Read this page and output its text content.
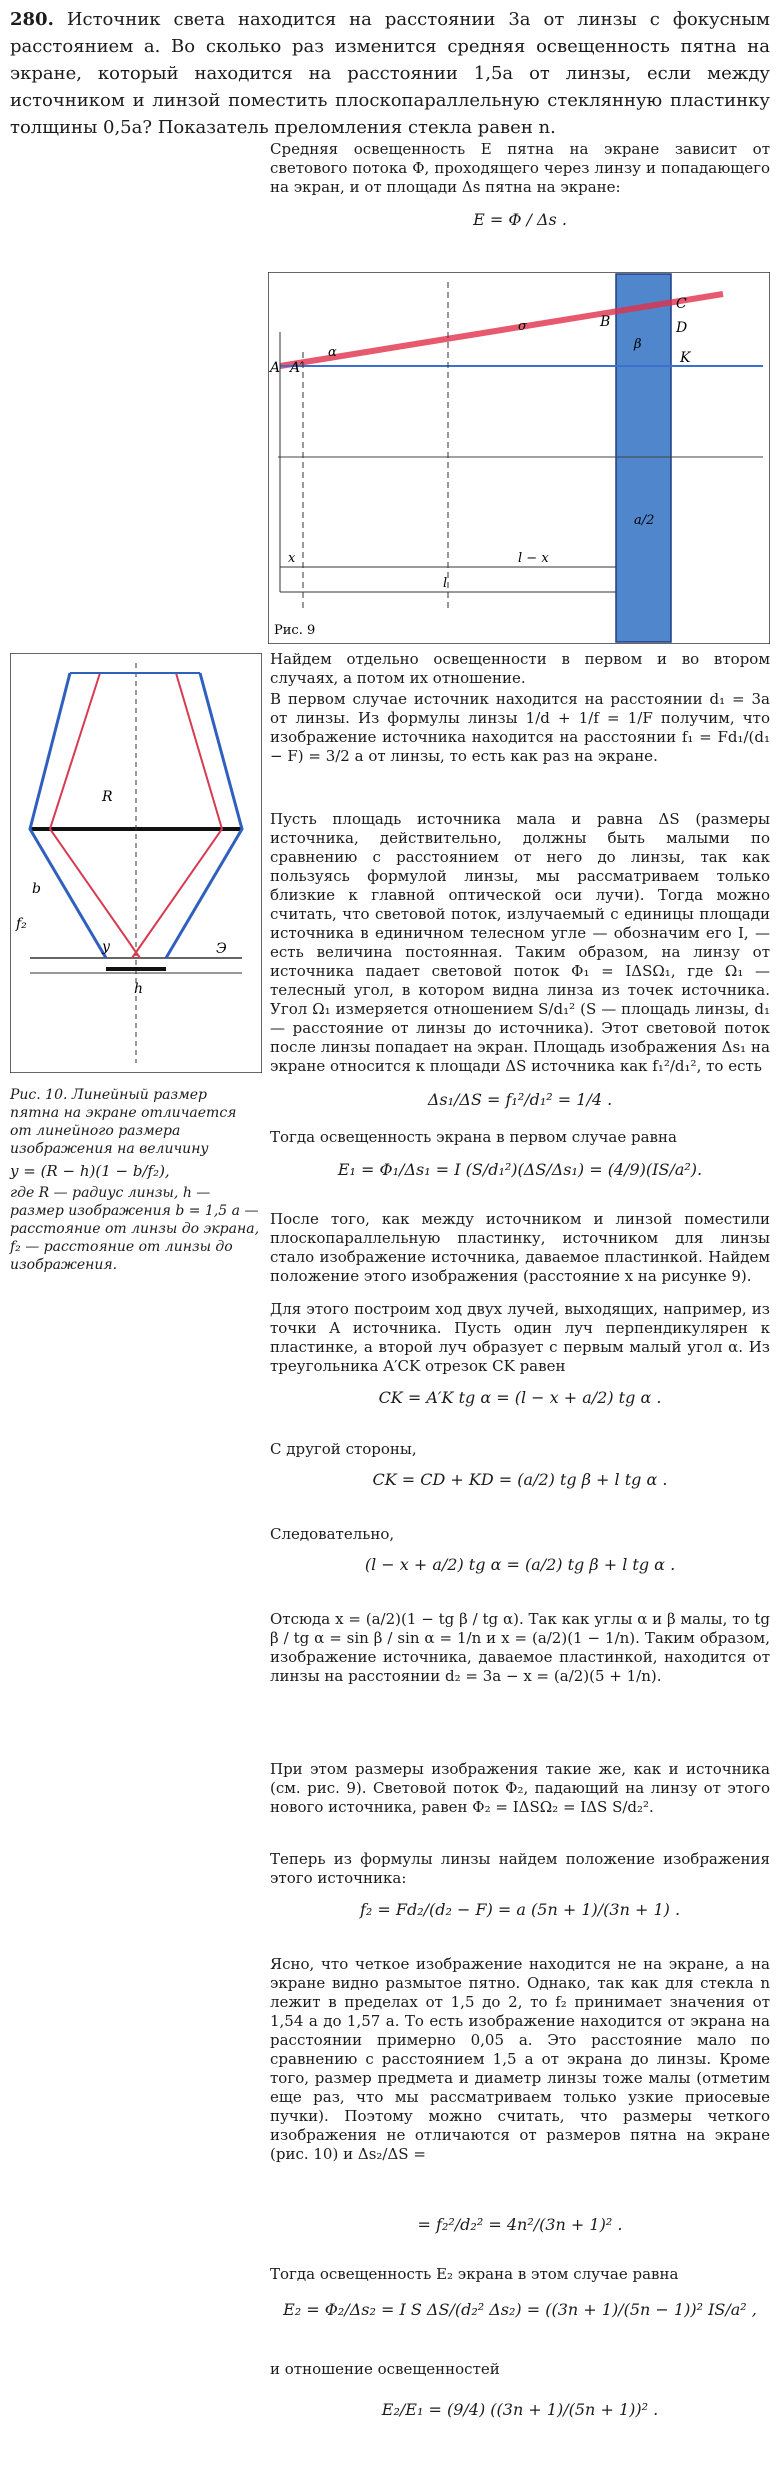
280. Источник света находится на расстоянии 3a от линзы с фокусным расстоянием a. Во сколько раз изменится средняя освещенность пятна на экране, который находится на расстоянии 1,5a от линзы, если между источником и линзой поместить плоскопараллельную стеклянную пластинку толщины 0,5a? Показатель преломления стекла равен n.
Средняя освещенность E пятна на экране зависит от светового потока Φ, проходящего через линзу и попадающего на экран, и от площади Δs пятна на экране:
E = Φ / Δs .
A A′
α
σ	B
C
D
β
K
a/2
x	l − x
l
Рис. 9
Найдем отдельно освещенности в первом и во втором случаях, а потом их отношение.
В первом случае источник находится на расстоянии d₁ = 3a от линзы. Из формулы линзы 1/d + 1/f = 1/F получим, что изображение источника находится на расстоянии f₁ = Fd₁/(d₁ − F) = 3/2 a от линзы, то есть как раз на экране.
Пусть площадь источника мала и равна ΔS (размеры источника, действительно, должны быть малыми по сравнению с расстоянием от него до линзы, так как пользуясь формулой линзы, мы рассматриваем только близкие к главной оптической оси лучи). Тогда можно считать, что световой поток, излучаемый с единицы площади источника в единичном телесном угле — обозначим его I, — есть величина постоянная. Таким образом, на линзу от источника падает световой поток Φ₁ = IΔSΩ₁, где Ω₁ — телесный угол, в котором видна линза из точек источника. Угол Ω₁ измеряется отношением S/d₁² (S — площадь линзы, d₁ — расстояние от линзы до источника). Этот световой поток после линзы попадает на экран. Площадь изображения Δs₁ на экране относится к площади ΔS источника как f₁²/d₁², то есть
Δs₁/ΔS = f₁²/d₁² = 1/4 .
Тогда освещенность экрана в первом случае равна
E₁ = Φ₁/Δs₁ = I (S/d₁²)(ΔS/Δs₁) = (4/9)(IS/a²).
После того, как между источником и линзой поместили плоскопараллельную пластинку, источником для линзы стало изображение источника, даваемое пластинкой. Найдем положение этого изображения (расстояние x на рисунке 9).
Для этого построим ход двух лучей, выходящих, например, из точки A источника. Пусть один луч перпендикулярен к пластинке, а второй луч образует с первым малый угол α. Из треугольника A′CK отрезок CK равен
CK = A′K tg α = (l − x + a/2) tg α .
С другой стороны,
CK = CD + KD = (a/2) tg β + l tg α .
Следовательно,
(l − x + a/2) tg α = (a/2) tg β + l tg α .
Отсюда x = (a/2)(1 − tg β / tg α). Так как углы α и β малы, то tg β / tg α = sin β / sin α = 1/n и x = (a/2)(1 − 1/n). Таким образом, изображение источника, даваемое пластинкой, находится от линзы на расстоянии d₂ = 3a − x = (a/2)(5 + 1/n).
При этом размеры изображения такие же, как и источника (см. рис. 9). Световой поток Φ₂, падающий на линзу от этого нового источника, равен Φ₂ = IΔSΩ₂ = IΔS S/d₂².
Теперь из формулы линзы найдем положение изображения этого источника:
f₂ = Fd₂/(d₂ − F) = a (5n + 1)/(3n + 1) .
Ясно, что четкое изображение находится не на экране, а на экране видно размытое пятно. Однако, так как для стекла n лежит в пределах от 1,5 до 2, то f₂ принимает значения от 1,54 a до 1,57 a. То есть изображение находится от экрана на расстоянии примерно 0,05 a. Это расстояние мало по сравнению с расстоянием 1,5 a от экрана до линзы. Кроме того, размер предмета и диаметр линзы тоже малы (отметим еще раз, что мы рассматриваем только узкие приосевые пучки). Поэтому можно считать, что размеры четкого изображения не отличаются от размеров пятна на экране (рис. 10) и Δs₂/ΔS =
= f₂²/d₂² = 4n²/(3n + 1)² .
Тогда освещенность E₂ экрана в этом случае равна
E₂ = Φ₂/Δs₂ = I S ΔS/(d₂² Δs₂) = ((3n + 1)/(5n − 1))² IS/a² ,
и отношение освещенностей
E₂/E₁ = (9/4) ((3n + 1)/(5n + 1))² .
R
b
f₂
y
h
Э
Рис. 10. Линейный размер пятна на экране отличается от линейного размера изображения на величину
y = (R − h)(1 − b/f₂),
где R — радиус линзы, h — размер изображения b = 1,5 a — расстояние от линзы до экрана, f₂ — расстояние от линзы до изображения.
